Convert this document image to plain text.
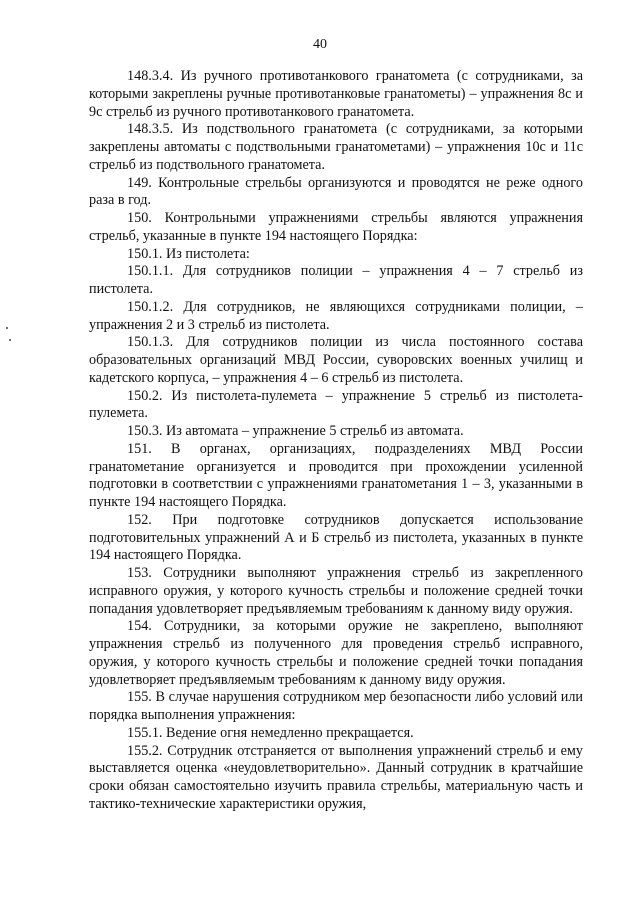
40

148.3.4. Из ручного противотанкового гранатомета (с сотрудниками, за которыми закреплены ручные противотанковые гранатометы) – упражнения 8с и 9с стрельб из ручного противотанкового гранатомета.

148.3.5. Из подствольного гранатомета (с сотрудниками, за которыми закреплены автоматы с подствольными гранатометами) – упражнения 10с и 11с стрельб из подствольного гранатомета.

149. Контрольные стрельбы организуются и проводятся не реже одного раза в год.

150. Контрольными упражнениями стрельбы являются упражнения стрельб, указанные в пункте 194 настоящего Порядка:

150.1. Из пистолета:

150.1.1. Для сотрудников полиции – упражнения 4 – 7 стрельб из пистолета.

150.1.2. Для сотрудников, не являющихся сотрудниками полиции, – упражнения 2 и 3 стрельб из пистолета.

150.1.3. Для сотрудников полиции из числа постоянного состава образовательных организаций МВД России, суворовских военных училищ и кадетского корпуса, – упражнения 4 – 6 стрельб из пистолета.

150.2. Из пистолета-пулемета – упражнение 5 стрельб из пистолета-пулемета.

150.3. Из автомата – упражнение 5 стрельб из автомата.

151. В органах, организациях, подразделениях МВД России гранатометание организуется и проводится при прохождении усиленной подготовки в соответствии с упражнениями гранатометания 1 – 3, указанными в пункте 194 настоящего Порядка.

152. При подготовке сотрудников допускается использование подготовительных упражнений А и Б стрельб из пистолета, указанных в пункте 194 настоящего Порядка.

153. Сотрудники выполняют упражнения стрельб из закрепленного исправного оружия, у которого кучность стрельбы и положение средней точки попадания удовлетворяет предъявляемым требованиям к данному виду оружия.

154. Сотрудники, за которыми оружие не закреплено, выполняют упражнения стрельб из полученного для проведения стрельб исправного, оружия, у которого кучность стрельбы и положение средней точки попадания удовлетворяет предъявляемым требованиям к данному виду оружия.

155. В случае нарушения сотрудником мер безопасности либо условий или порядка выполнения упражнения:

155.1. Ведение огня немедленно прекращается.

155.2. Сотрудник отстраняется от выполнения упражнений стрельб и ему выставляется оценка «неудовлетворительно». Данный сотрудник в кратчайшие сроки обязан самостоятельно изучить правила стрельбы, материальную часть и тактико-технические характеристики оружия,
